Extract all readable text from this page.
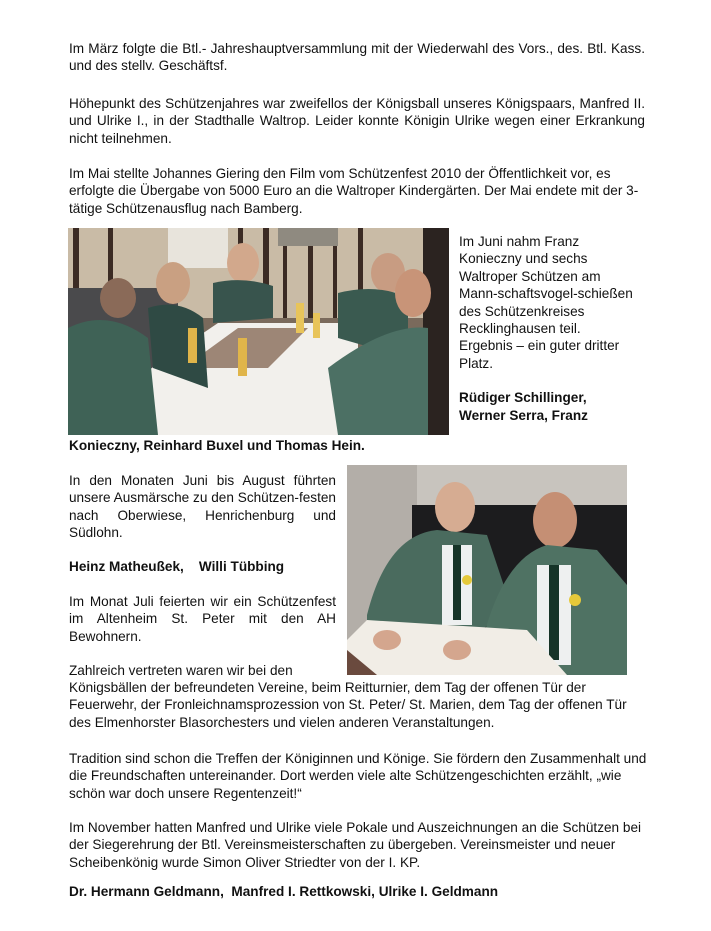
Im März folgte die Btl.- Jahreshauptversammlung mit der Wiederwahl des Vors., des. Btl. Kass. und des stellv. Geschäftsf.

Höhepunkt des Schützenjahres war zweifellos der Königsball unseres Königspaars, Manfred II. und Ulrike I., in der Stadthalle Waltrop. Leider konnte Königin Ulrike wegen einer Erkrankung nicht teilnehmen.

Im Mai stellte Johannes Giering den Film vom Schützenfest 2010 der Öffentlichkeit vor, es erfolgte die Übergabe von 5000 Euro an die Waltroper Kindergärten. Der Mai endete mit der 3-tätige Schützenausflug nach Bamberg.

Im Juni nahm Franz Konieczny und sechs Waltroper Schützen am Mann-schaftsvogel-schießen des Schützenkreises Recklinghausen teil. Ergebnis – ein guter dritter Platz.
Rüdiger Schillinger, Werner Serra, Franz

Konieczny, Reinhard Buxel und Thomas Hein.

In den Monaten Juni bis August führten unsere Ausmärsche zu den Schützen-festen nach Oberwiese, Henrichenburg und Südlohn.

Heinz Matheußek,    Willi Tübbing

Im Monat Juli feierten wir ein Schützenfest im Altenheim St. Peter mit den AH Bewohnern.

Zahlreich vertreten waren wir bei den

Königsbällen der befreundeten Vereine, beim Reitturnier, dem Tag der offenen Tür der Feuerwehr, der Fronleichnamsprozession von St. Peter/ St. Marien, dem Tag der offenen Tür des Elmenhorster Blasorchesters und vielen anderen Veranstaltungen.

Tradition sind schon die Treffen der Königinnen und Könige. Sie fördern den Zusammenhalt und die Freundschaften untereinander. Dort werden viele alte Schützengeschichten erzählt, „wie schön war doch unsere Regentenzeit!“

Im November hatten Manfred und Ulrike viele Pokale und Auszeichnungen an die Schützen bei der Siegerehrung der Btl. Vereinsmeisterschaften zu übergeben. Vereinsmeister und neuer Scheibenkönig wurde Simon Oliver Striedter von der I. KP.

Dr. Hermann Geldmann,  Manfred I. Rettkowski, Ulrike I. Geldmann
